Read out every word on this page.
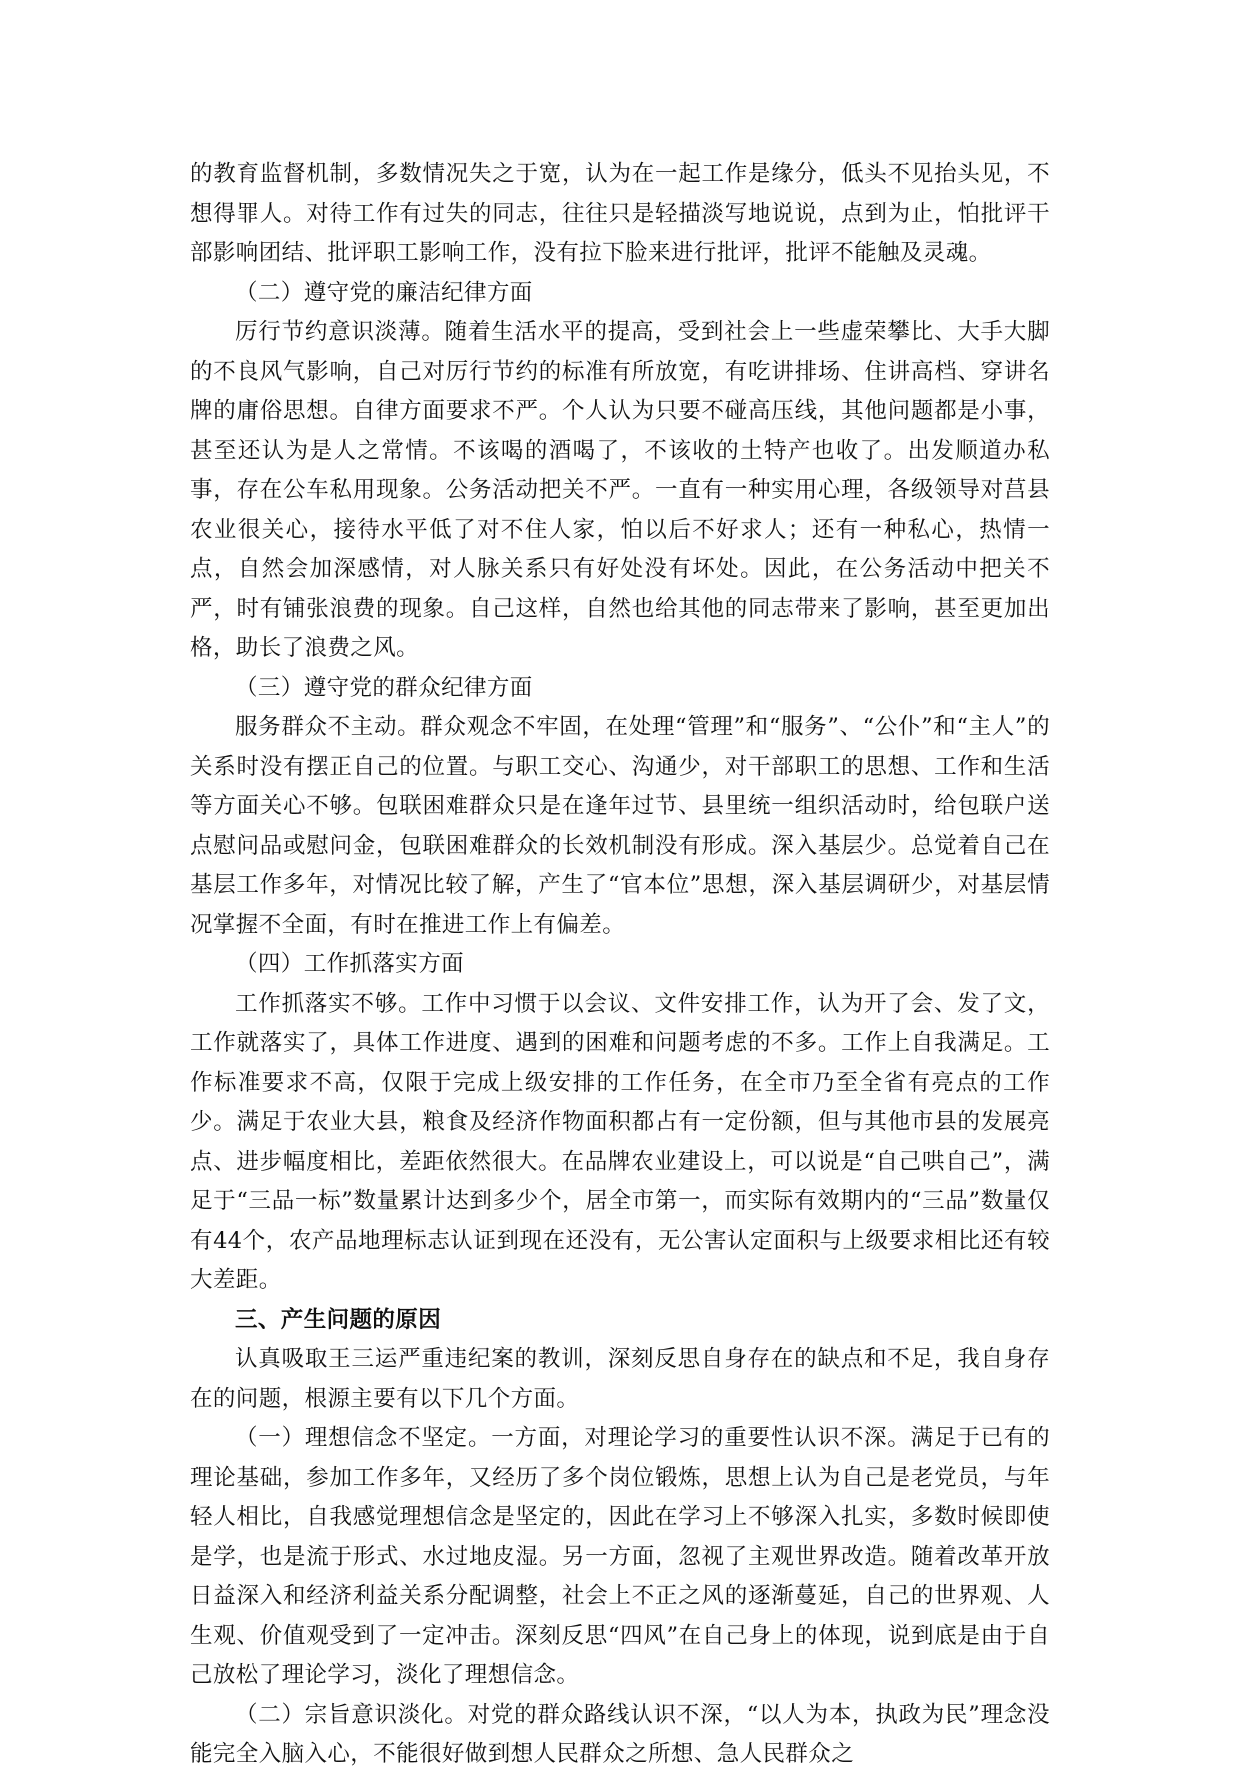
的教育监督机制，多数情况失之于宽，认为在一起工作是缘分，低头不见抬头见，不想得罪人。对待工作有过失的同志，往往只是轻描淡写地说说，点到为止，怕批评干部影响团结、批评职工影响工作，没有拉下脸来进行批评，批评不能触及灵魂。

（二）遵守党的廉洁纪律方面

厉行节约意识淡薄。随着生活水平的提高，受到社会上一些虚荣攀比、大手大脚的不良风气影响，自己对厉行节约的标准有所放宽，有吃讲排场、住讲高档、穿讲名牌的庸俗思想。自律方面要求不严。个人认为只要不碰高压线，其他问题都是小事，甚至还认为是人之常情。不该喝的酒喝了，不该收的土特产也收了。出发顺道办私事，存在公车私用现象。公务活动把关不严。一直有一种实用心理，各级领导对莒县农业很关心，接待水平低了对不住人家，怕以后不好求人；还有一种私心，热情一点，自然会加深感情，对人脉关系只有好处没有坏处。因此，在公务活动中把关不严，时有铺张浪费的现象。自己这样，自然也给其他的同志带来了影响，甚至更加出格，助长了浪费之风。

（三）遵守党的群众纪律方面

服务群众不主动。群众观念不牢固，在处理“管理”和“服务”、“公仆”和“主人”的关系时没有摆正自己的位置。与职工交心、沟通少，对干部职工的思想、工作和生活等方面关心不够。包联困难群众只是在逢年过节、县里统一组织活动时，给包联户送点慰问品或慰问金，包联困难群众的长效机制没有形成。深入基层少。总觉着自己在基层工作多年，对情况比较了解，产生了“官本位”思想，深入基层调研少，对基层情况掌握不全面，有时在推进工作上有偏差。

（四）工作抓落实方面

工作抓落实不够。工作中习惯于以会议、文件安排工作，认为开了会、发了文，工作就落实了，具体工作进度、遇到的困难和问题考虑的不多。工作上自我满足。工作标准要求不高，仅限于完成上级安排的工作任务，在全市乃至全省有亮点的工作少。满足于农业大县，粮食及经济作物面积都占有一定份额，但与其他市县的发展亮点、进步幅度相比，差距依然很大。在品牌农业建设上，可以说是“自己哄自己”，满足于“三品一标”数量累计达到多少个，居全市第一，而实际有效期内的“三品”数量仅有44个，农产品地理标志认证到现在还没有，无公害认定面积与上级要求相比还有较大差距。

三、产生问题的原因

认真吸取王三运严重违纪案的教训，深刻反思自身存在的缺点和不足，我自身存在的问题，根源主要有以下几个方面。

（一）理想信念不坚定。一方面，对理论学习的重要性认识不深。满足于已有的理论基础，参加工作多年，又经历了多个岗位锻炼，思想上认为自己是老党员，与年轻人相比，自我感觉理想信念是坚定的，因此在学习上不够深入扎实，多数时候即使是学，也是流于形式、水过地皮湿。另一方面，忽视了主观世界改造。随着改革开放日益深入和经济利益关系分配调整，社会上不正之风的逐渐蔓延，自己的世界观、人生观、价值观受到了一定冲击。深刻反思“四风”在自己身上的体现，说到底是由于自己放松了理论学习，淡化了理想信念。

（二）宗旨意识淡化。对党的群众路线认识不深，“以人为本，执政为民”理念没能完全入脑入心，不能很好做到想人民群众之所想、急人民群众之
